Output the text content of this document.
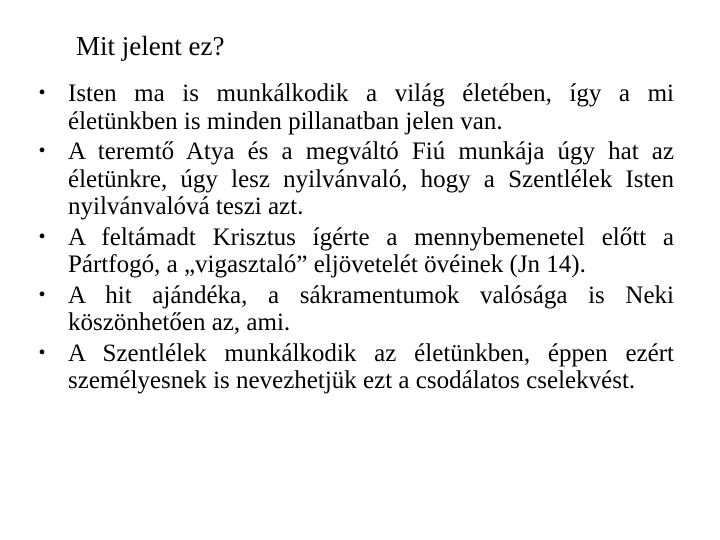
Mit jelent ez?
• Isten ma is munkálkodik a világ életében, így a mi életünkben is minden pillanatban jelen van.
• A teremtő Atya és a megváltó Fiú munkája úgy hat az életünkre, úgy lesz nyilvánvaló, hogy a Szentlélek Isten nyilvánvalóvá teszi azt.
• A feltámadt Krisztus ígérte a mennybemenetel előtt a Pártfogó, a „vigasztaló” eljövetelét övéinek (Jn 14).
• A hit ajándéka, a sákramentumok valósága is Neki köszönhetően az, ami.
• A Szentlélek munkálkodik az életünkben, éppen ezért személyesnek is nevezhetjük ezt a csodálatos cselekvést.
